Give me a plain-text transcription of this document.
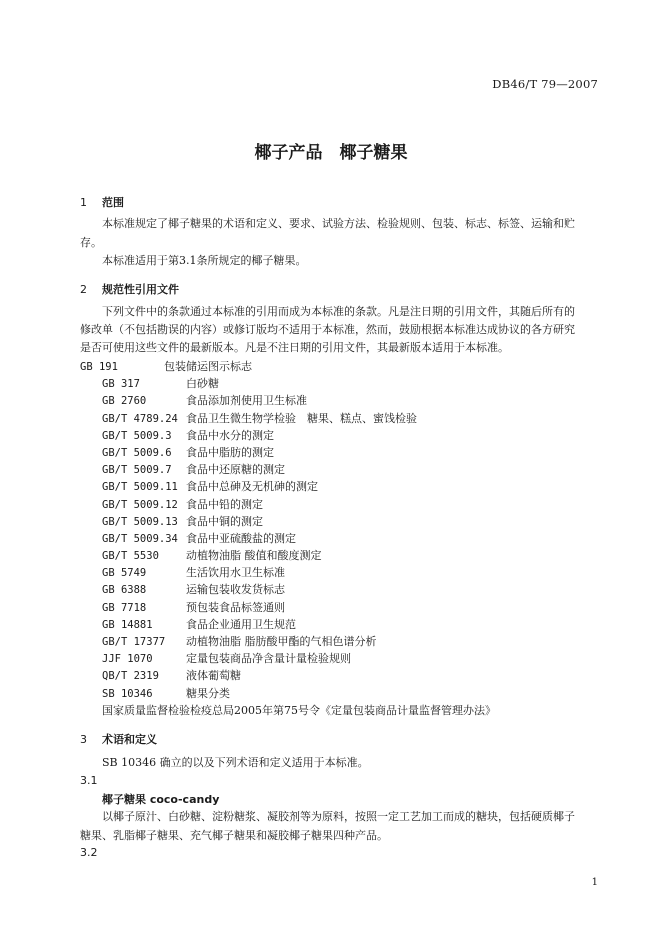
DB46/T 79—2007
椰子产品　椰子糖果
1 范围
本标准规定了椰子糖果的术语和定义、要求、试验方法、检验规则、包装、标志、标签、运输和贮
存。
本标准适用于第3.1条所规定的椰子糖果。
2 规范性引用文件
下列文件中的条款通过本标准的引用而成为本标准的条款。凡是注日期的引用文件，其随后所有的
修改单（不包括勘误的内容）或修订版均不适用于本标准，然而，鼓励根据本标准达成协议的各方研究
是否可使用这些文件的最新版本。凡是不注日期的引用文件，其最新版本适用于本标准。
GB 191	包装储运图示标志
GB 317	白砂糖
GB 2760	食品添加剂使用卫生标准
GB/T 4789.24 食品卫生微生物学检验　糖果、糕点、蜜饯检验
GB/T 5009.3 食品中水分的测定
GB/T 5009.6 食品中脂肪的测定
GB/T 5009.7 食品中还原糖的测定
GB/T 5009.11 食品中总砷及无机砷的测定
GB/T 5009.12 食品中铅的测定
GB/T 5009.13 食品中铜的测定
GB/T 5009.34 食品中亚硫酸盐的测定
GB/T 5530 动植物油脂 酸值和酸度测定
GB 5749	生活饮用水卫生标准
GB 6388	运输包装收发货标志
GB 7718	预包装食品标签通则
GB 14881	食品企业通用卫生规范
GB/T 17377 动植物油脂 脂肪酸甲酯的气相色谱分析
JJF 1070	定量包装商品净含量计量检验规则
QB/T 2319 液体葡萄糖
SB 10346	糖果分类
国家质量监督检验检疫总局2005年第75号令《定量包装商品计量监督管理办法》
3 术语和定义
SB 10346 确立的以及下列术语和定义适用于本标准。
3.1
椰子糖果 coco-candy
以椰子原汁、白砂糖、淀粉糖浆、凝胶剂等为原料，按照一定工艺加工而成的糖块，包括硬质椰子
糖果、乳脂椰子糖果、充气椰子糖果和凝胶椰子糖果四种产品。
3.2
1
